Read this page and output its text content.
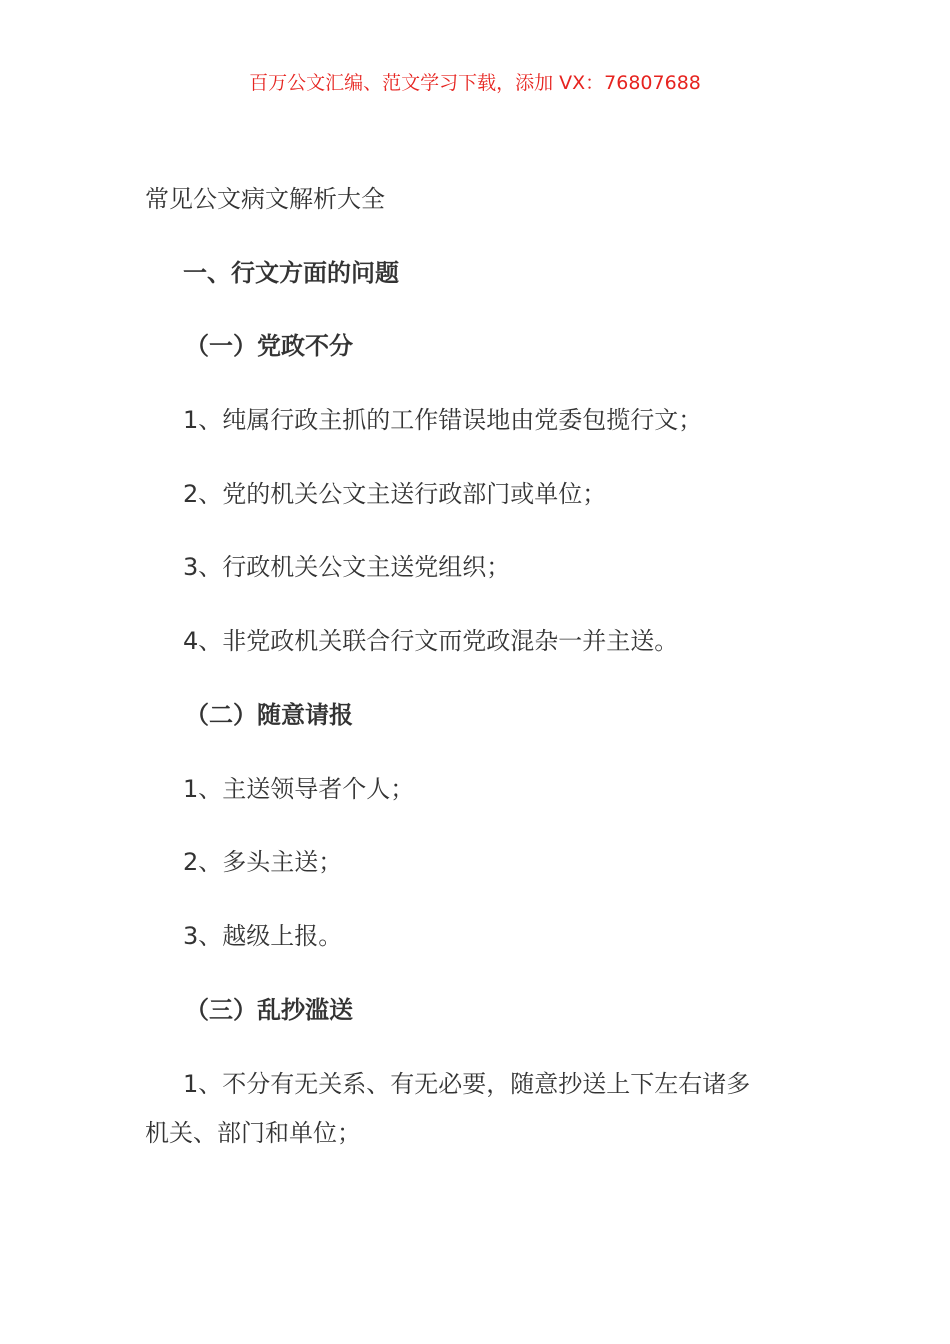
百万公文汇编、范文学习下载，添加 VX：76807688
常见公文病文解析大全
一、行文方面的问题
（一）党政不分
1、纯属行政主抓的工作错误地由党委包揽行文；
2、党的机关公文主送行政部门或单位；
3、行政机关公文主送党组织；
4、非党政机关联合行文而党政混杂一并主送。
（二）随意请报
1、主送领导者个人；
2、多头主送；
3、越级上报。
（三）乱抄滥送
1、不分有无关系、有无必要，随意抄送上下左右诸多
机关、部门和单位；
